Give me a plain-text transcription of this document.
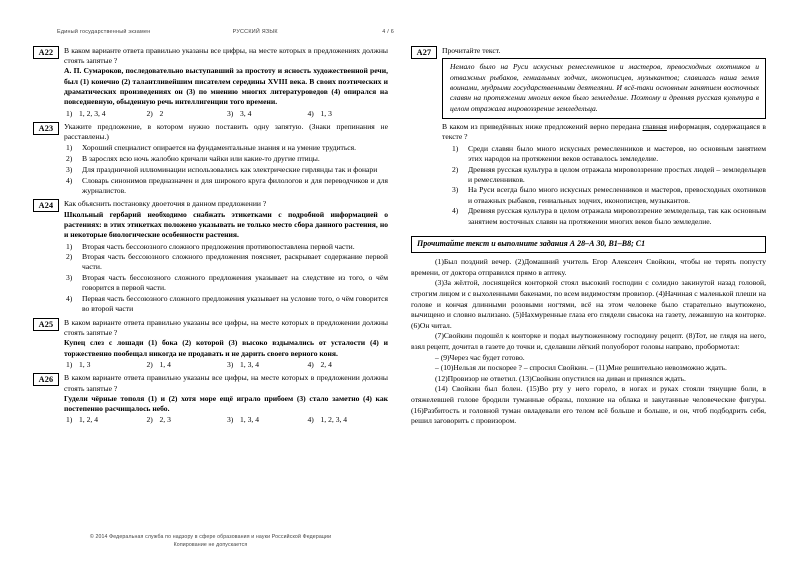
Единый государственный экзамен	РУССКИЙ ЯЗЫК	4 / 6
А22	В каком варианте ответа правильно указаны все цифры, на месте которых в предложениях должны стоять запятые ?

А. П. Сумароков, последовательно выступавший за простоту и ясность художественной речи, был (1) конечно (2) талантливейшим писателем середины XVIII века. В своих поэтических и драматических произведениях он (3) по мнению многих литературоведов (4) опирался на повседневную, обыденную речь интеллигенции того времени.

1) 1, 2, 3, 4	2) 2	3) 3, 4	4) 1, 3
А23	Укажите предложение, в котором нужно поставить одну запятую. (Знаки препинания не расставлены.)

1)	Хороший специалист опирается на фундаментальные знания и на умение трудиться.
2)	В зарослях всю ночь жалобно кричали чайки или какие-то другие птицы.
3)	Для праздничной иллюминации использовались как электрические гирлянды так и фонари
4)	Словарь синонимов предназначен и для широкого круга филологов и для переводчиков и для журналистов.
А24	Как объяснить постановку двоеточия в данном предложении ?

Школьный гербарий необходимо снабжать этикетками с подробной информацией о растениях: в этих этикетках положено указывать не только место сбора данного растения, но и некоторые биологические особенности растения.

1)	Вторая часть бессоюзного сложного предложения противопоставлена первой части.
2)	Вторая часть бессоюзного сложного предложения поясняет, раскрывает содержание первой части.
3)	Вторая часть бессоюзного сложного предложения указывает на следствие из того, о чём говорится в первой части.
4)	Первая часть бессоюзного сложного предложения указывает на условие того, о чём говорится во второй части
А25	В каком варианте ответа правильно указаны все цифры, на месте которых в предложении должны стоять запятые ?

Купец слез с лошади (1) бока (2) которой (3) высоко вздымались от усталости (4) и торжественно пообещал никогда не продавать и не дарить своего верного коня.

1) 1, 3	2) 1, 4	3) 1, 3, 4	4) 2, 4
А26	В каком варианте ответа правильно указаны все цифры, на месте которых в предложении должны стоять запятые ?

Гудели чёрные тополя (1) и (2) хотя море ещё играло прибоем (3) стало заметно (4) как постепенно расчищалось небо.

1) 1, 2, 4	2) 2, 3	3) 1, 3, 4	4) 1, 2, 3, 4
А27	Прочитайте текст.

Немало было на Руси искусных ремесленников и мастеров, превосходных охотников и отважных рыбаков, гениальных зодчих, иконописцев, музыкантов; славилась наша земля воинами, мудрыми государственными деятелями. И всё-таки основным занятием восточных славян на протяжении многих веков было земледелие. Поэтому и древняя русская культура в целом отражала мировоззрение земледельца.

В каком из приведённых ниже предложений верно передана главная информация, содержащаяся в тексте ?

1)	Среди славян было много искусных ремесленников и мастеров, но основным занятием этих народов на протяжении веков оставалось земледелие.
2)	Древняя русская культура в целом отражала мировоззрение простых людей – земледельцев и ремесленников.
3)	На Руси всегда было много искусных ремесленников и мастеров, превосходных охотников и отважных рыбаков, гениальных зодчих, иконописцев, музыкантов.
4)	Древняя русская культура в целом отражала мировоззрение земледельца, так как основным занятием восточных славян на протяжении многих веков было земледелие.

Прочитайте текст и выполните задания А 28–А 30, В1–В8; С1

(1)Был поздний вечер. (2)Домашний учитель Егор Алексеич Свойкин, чтобы не терять попусту времени, от доктора отправился прямо в аптеку.

(3)За жёлтой, лоснящейся конторкой стоял высокий господин с солидно закинутой назад головой, строгим лицом и с выхоленными бакенами, по всем видимостям провизор. (4)Начиная с маленькой плеши на голове и кончая длинными розовыми ногтями, всё на этом человеке было старательно выутюжено, вычищено и словно вылизано. (5)Нахмуренные глаза его глядели свысока на газету, лежавшую на конторке. (6)Он читал.

(7)Свойкин подошёл к конторке и подал выутюженному господину рецепт. (8)Тот, не глядя на него, взял рецепт, дочитал в газете до точки и, сделавши лёгкий полуоборот головы направо, пробормотал:

– (9)Через час будет готово.

– (10)Нельзя ли поскорее ? – спросил Свойкин. – (11)Мне решительно невозможно ждать.

(12)Провизор не ответил. (13)Свойкин опустился на диван и принялся ждать.

(14) Свойкин был болен. (15)Во рту у него горело, в ногах и руках стояли тянущие боли, в отяжелевшей голове бродили туманные образы, похожие на облака и закутанные человеческие фигуры. (16)Разбитость и головной туман овладевали его телом всё больше и больше, и он, чтоб подбодрить себя, решил заговорить с провизором.

© 2014 Федеральная служба по надзору в сфере образования и науки Российской Федерации
Копирование не допускается
